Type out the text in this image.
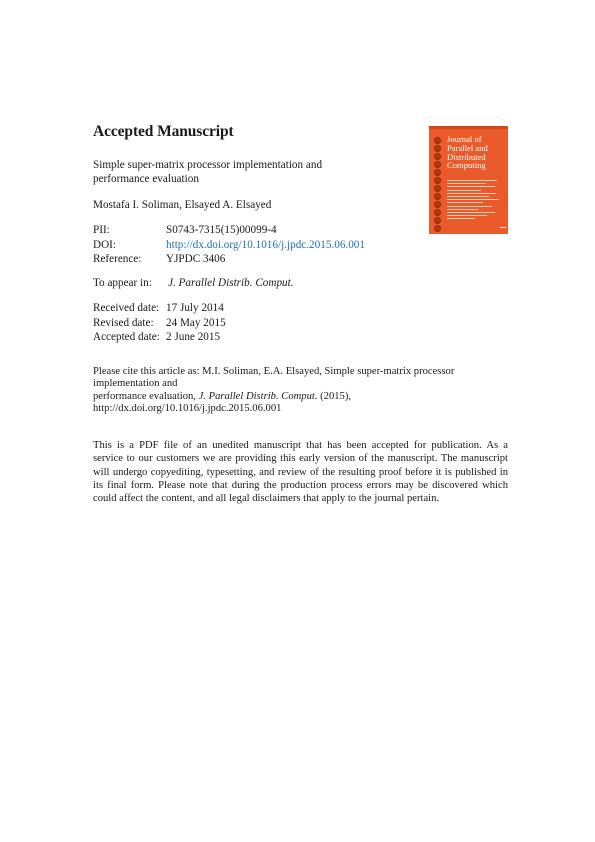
Accepted Manuscript
Simple super-matrix processor implementation and
performance evaluation
Mostafa I. Soliman, Elsayed A. Elsayed
PII:	S0743-7315(15)00099-4
DOI:	http://dx.doi.org/10.1016/j.jpdc.2015.06.001
Reference: YJPDC 3406
To appear in: J. Parallel Distrib. Comput.
Received date: 17 July 2014
Revised date: 24 May 2015
Accepted date: 2 June 2015
Please cite this article as: M.I. Soliman, E.A. Elsayed, Simple super-matrix processor
implementation and
performance evaluation, J. Parallel Distrib. Comput. (2015),
http://dx.doi.org/10.1016/j.jpdc.2015.06.001
This is a PDF file of an unedited manuscript that has been accepted for publication. As a
service to our customers we are providing this early version of the manuscript. The manuscript
will undergo copyediting, typesetting, and review of the resulting proof before it is published in
its final form. Please note that during the production process errors may be discovered which
could affect the content, and all legal disclaimers that apply to the journal pertain.
Journal of
Parallel and
Distributed
Computing
▬▬
